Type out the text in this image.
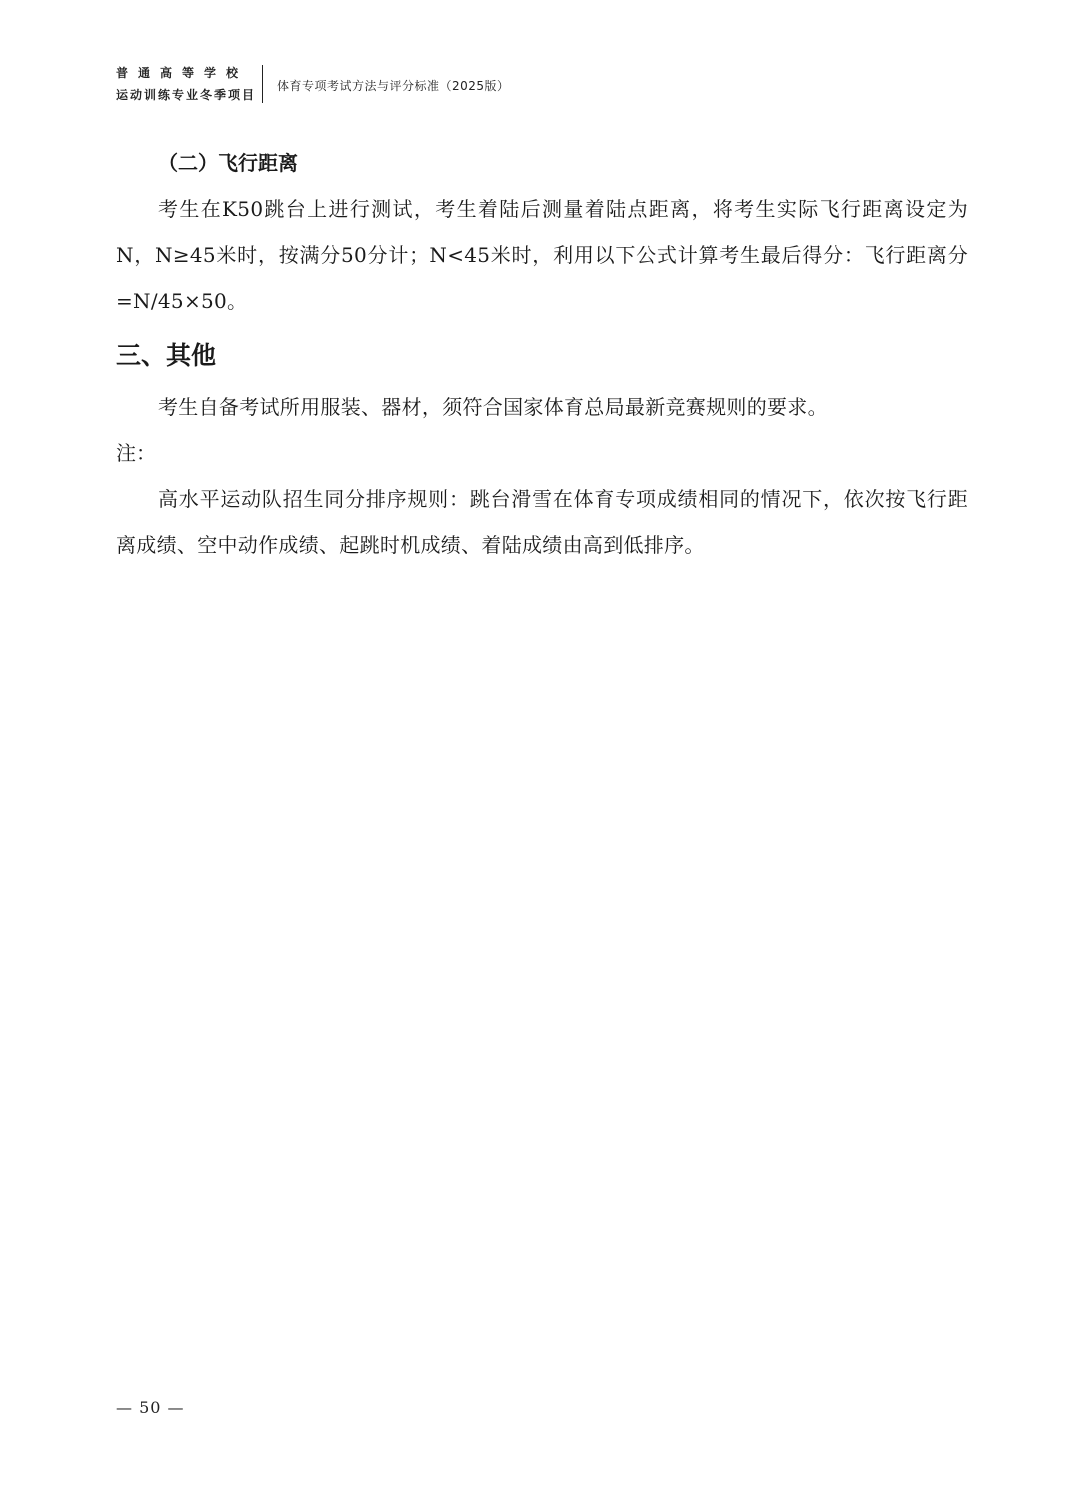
普通高等学校
运动训练专业冬季项目
体育专项考试方法与评分标准（2025版）
（二）飞行距离

考生在K50跳台上进行测试，考生着陆后测量着陆点距离，将考生实际飞行距离设定为N，N≥45米时，按满分50分计；N<45米时，利用以下公式计算考生最后得分：飞行距离分=N/45×50。

三、其他

考生自备考试所用服装、器材，须符合国家体育总局最新竞赛规则的要求。

注：

高水平运动队招生同分排序规则：跳台滑雪在体育专项成绩相同的情况下，依次按飞行距离成绩、空中动作成绩、起跳时机成绩、着陆成绩由高到低排序。

— 50 —
